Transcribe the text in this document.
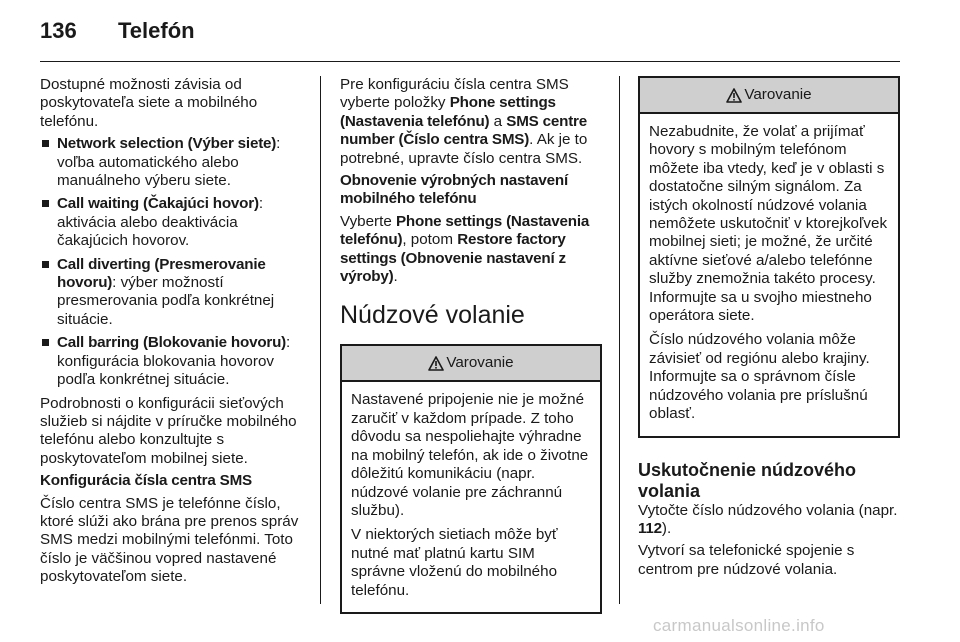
136 Telefón

Dostupné možnosti závisia od poskytovateľa siete a mobilného telefónu.

Network selection (Výber siete): voľba automatického alebo manuálneho výberu siete.
Call waiting (Čakajúci hovor): aktivácia alebo deaktivácia čakajúcich hovorov.
Call diverting (Presmerovanie hovoru): výber možností presmerovania podľa konkrétnej situácie.
Call barring (Blokovanie hovoru): konfigurácia blokovania hovorov podľa konkrétnej situácie.

Podrobnosti o konfigurácii sieťových služieb si nájdite v príručke mobilného telefónu alebo konzultujte s poskytovateľom mobilnej siete.

Konfigurácia čísla centra SMS

Číslo centra SMS je telefónne číslo, ktoré slúži ako brána pre prenos správ SMS medzi mobilnými telefónmi. Toto číslo je väčšinou vopred nastavené poskytovateľom siete.

Pre konfiguráciu čísla centra SMS vyberte položky Phone settings (Nastavenia telefónu) a SMS centre number (Číslo centra SMS). Ak je to potrebné, upravte číslo centra SMS.

Obnovenie výrobných nastavení mobilného telefónu

Vyberte Phone settings (Nastavenia telefónu), potom Restore factory settings (Obnovenie nastavení z výroby).

Núdzové volanie
Varovanie

Nastavené pripojenie nie je možné zaručiť v každom prípade. Z toho dôvodu sa nespoliehajte výhradne na mobilný telefón, ak ide o životne dôležitú komunikáciu (napr. núdzové volanie pre záchrannú službu).

V niektorých sietiach môže byť nutné mať platnú kartu SIM správne vloženú do mobilného telefónu.

Varovanie

Nezabudnite, že volať a prijímať hovory s mobilným telefónom môžete iba vtedy, keď je v oblasti s dostatočne silným signálom. Za istých okolností núdzové volania nemôžete uskutočniť v ktorejkoľvek mobilnej sieti; je možné, že určité aktívne sieťové a/alebo telefónne služby znemožnia takéto procesy. Informujte sa u svojho miestneho operátora siete.

Číslo núdzového volania môže závisieť od regiónu alebo krajiny. Informujte sa o správnom čísle núdzového volania pre príslušnú oblasť.

Uskutočnenie núdzového volania

Vytočte číslo núdzového volania (napr. 112).

Vytvorí sa telefonické spojenie s centrom pre núdzové volania.

carmanualsonline.info
